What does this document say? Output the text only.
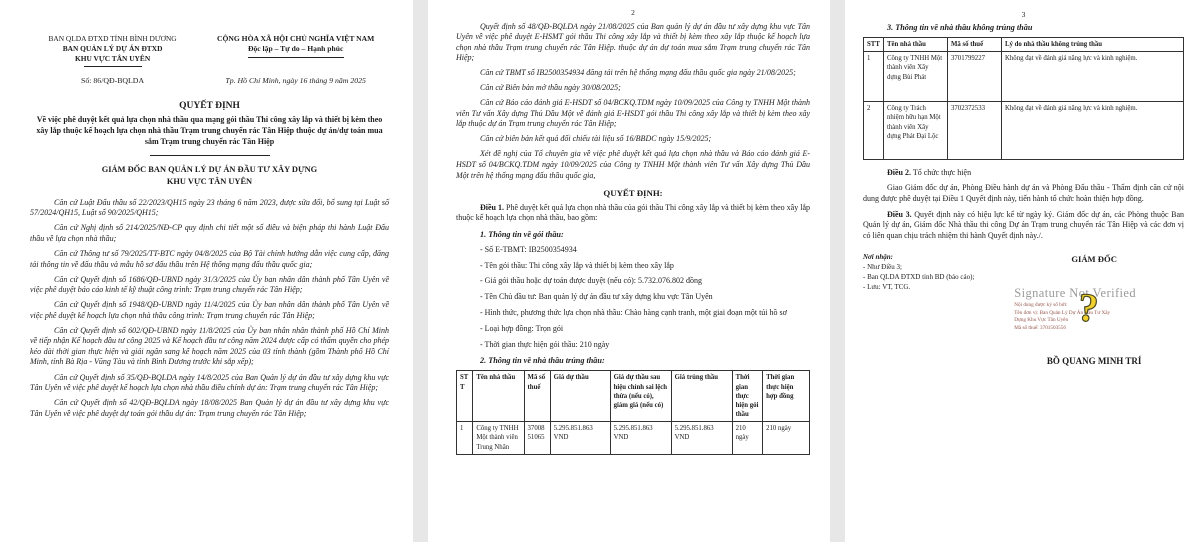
BAN QLDA ĐTXD TỈNH BÌNH DƯƠNG
BAN QUẢN LÝ DỰ ÁN ĐTXD
KHU VỰC TÂN UYÊN
CỘNG HÒA XÃ HỘI CHỦ NGHĨA VIỆT NAM
Độc lập – Tự do – Hạnh phúc
Số: 86/QĐ-BQLDA	Tp. Hồ Chí Minh, ngày 16 tháng 9 năm 2025
QUYẾT ĐỊNH
Về việc phê duyệt kết quả lựa chọn nhà thầu qua mạng gói thầu Thi công xây lắp và thiết bị kèm theo xây lắp thuộc kế hoạch lựa chọn nhà thầu Trạm trung chuyển rác Tân Hiệp thuộc dự án/dự toán mua sắm Trạm trung chuyển rác Tân Hiệp
GIÁM ĐỐC BAN QUẢN LÝ DỰ ÁN ĐẦU TƯ XÂY DỰNG KHU VỰC TÂN UYÊN

Căn cứ Luật Đấu thầu số 22/2023/QH15 ngày 23 tháng 6 năm 2023, được sửa đổi, bổ sung tại Luật số 57/2024/QH15, Luật số 90/2025/QH15;

Căn cứ Nghị định số 214/2025/NĐ-CP quy định chi tiết một số điều và biện pháp thi hành Luật Đấu thầu về lựa chọn nhà thầu;

Căn cứ Thông tư số 79/2025/TT-BTC ngày 04/8/2025 của Bộ Tài chính hướng dẫn việc cung cấp, đăng tải thông tin về đấu thầu và mẫu hồ sơ đấu thầu trên Hệ thống mạng đấu thầu quốc gia;

Căn cứ Quyết định số 1686/QĐ-UBND ngày 31/3/2025 của Ủy ban nhân dân thành phố Tân Uyên về việc phê duyệt báo cáo kinh tế kỹ thuật công trình: Trạm trung chuyển rác Tân Hiệp;

Căn cứ Quyết định số 1948/QĐ-UBND ngày 11/4/2025 của Ủy ban nhân dân thành phố Tân Uyên về việc phê duyệt kế hoạch lựa chọn nhà thầu công trình: Trạm trung chuyển rác Tân Hiệp;

Căn cứ Quyết định số 602/QĐ-UBND ngày 11/8/2025 của Ủy ban nhân nhân thành phố Hồ Chí Minh về tiếp nhận Kế hoạch đầu tư công 2025 và Kế hoạch đầu tư công năm 2024 được cấp có thẩm quyền cho phép kéo dài thời gian thực hiện và giải ngân sang kế hoạch năm 2025 của 03 tỉnh thành (gồm Thành phố Hồ Chí Minh, tỉnh Bà Rịa - Vũng Tàu và tỉnh Bình Dương trước khi sắp xếp);

Căn cứ Quyết định số 35/QĐ-BQLDA ngày 14/8/2025 của Ban Quản lý dự án đầu tư xây dựng khu vực Tân Uyên về việc phê duyệt kế hoạch lựa chọn nhà thầu điều chỉnh dự án: Trạm trung chuyển rác Tân Hiệp;

Căn cứ Quyết định số 42/QĐ-BQLDA ngày 18/08/2025 Ban Quản lý dự án đầu tư xây dựng khu vực Tân Uyên về việc phê duyệt dự toán gói thầu dự án: Trạm trung chuyển rác Tân Hiệp;

2

Quyết định số 48/QĐ-BQLDA ngày 21/08/2025 của Ban quản lý dự án đầu tư xây dựng khu vực Tân Uyên về việc phê duyệt E-HSMT gói thầu Thi công xây lắp và thiết bị kèm theo xây lắp thuộc kế hoạch lựa chọn nhà thầu Trạm trung chuyển rác Tân Hiệp. thuộc dự án dự toán mua sắm Trạm trung chuyển rác Tân Hiệp;

Căn cứ TBMT số IB2500354934 đăng tải trên hệ thống mạng đấu thầu quốc gia ngày 21/08/2025;

Căn cứ Biên bản mở thầu ngày 30/08/2025;

Căn cứ Báo cáo đánh giá E-HSDT số 04/BCKQ.TDM ngày 10/09/2025 của Công ty TNHH Một thành viên Tư vấn Xây dựng Thủ Dầu Một về đánh giá E-HSDT gói thầu Thi công xây lắp và thiết bị kèm theo xây lắp thuộc dự án Trạm trung chuyển rác Tân Hiệp;

Căn cứ biên bản kết quả đối chiếu tài liệu số 16/BBDC ngày 15/9/2025;

Xét đề nghị của Tổ chuyên gia về việc phê duyệt kết quả lựa chọn nhà thầu và Báo cáo đánh giá E-HSDT số 04/BCKQ.TDM ngày 10/09/2025 của Công ty TNHH Một thành viên Tư vấn Xây dựng Thủ Dầu Một trên hệ thống mạng đấu thầu quốc gia,

QUYẾT ĐỊNH:

Điều 1. Phê duyệt kết quả lựa chọn nhà thầu của gói thầu Thi công xây lắp và thiết bị kèm theo xây lắp thuộc kế hoạch lựa chọn nhà thầu, bao gồm:

1. Thông tin về gói thầu:

- Số E-TBMT: IB2500354934

- Tên gói thầu: Thi công xây lắp và thiết bị kèm theo xây lắp

- Giá gói thầu hoặc dự toán được duyệt (nếu có): 5.732.076.802 đồng

- Tên Chủ đầu tư: Ban quản lý dự án đầu tư xây dựng khu vực Tân Uyên

- Hình thức, phương thức lựa chọn nhà thầu: Chào hàng cạnh tranh, một giai đoạn một túi hồ sơ

- Loại hợp đồng: Trọn gói

- Thời gian thực hiện gói thầu: 210 ngày

2. Thông tin về nhà thầu trúng thầu:
STT	Tên nhà thầu	Mã số thuế	Giá dự thầu	Giá dự thầu sau hiệu chỉnh sai lệch thừa (nếu có), giảm giá (nếu có)	Giá trúng thầu	Thời gian thực hiện gói thầu	Thời gian thực hiện hợp đồng
1	Công ty TNHH Một thành viên Trung Nhân	3700851065	5.295.851.863 VND	5.295.851.863 VND	5.295.851.863 VND	210 ngày	210 ngày
3
3. Thông tin về nhà thầu không trúng thầu
STT	Tên nhà thầu	Mã số thuế	Lý do nhà thầu không trúng thầu
1	Công ty TNHH Một thành viên Xây dựng Bùi Phát	3701799227	Không đạt về đánh giá năng lực và kinh nghiệm.
2	Công ty Trách nhiệm hữu hạn Một thành viên Xây dựng Phát Đại Lộc	3702372533	Không đạt về đánh giá năng lực và kinh nghiệm.

Điều 2. Tổ chức thực hiện

Giao Giám đốc dự án, Phòng Điều hành dự án và Phòng Đấu thầu - Thẩm định căn cứ nội dung được phê duyệt tại Điều 1 Quyết định này, tiến hành tổ chức hoàn thiện hợp đồng.

Điều 3. Quyết định này có hiệu lực kể từ ngày ký. Giám đốc dự án, các Phòng thuộc Ban Quản lý dự án, Giám đốc Nhà thầu thi công Dự án Trạm trung chuyển rác Tân Hiệp và các đơn vị có liên quan chịu trách nhiệm thi hành Quyết định này./.

Nơi nhận:
- Như Điều 3;
- Ban QLDA ĐTXD tỉnh BD (báo cáo);
- Lưu: VT, TCG.
GIÁM ĐỐC
Signature Not Verified
Nội dung được ký số bởi:
Tên đơn vị: Ban Quản Lý Dự Án Đầu Tư Xây
Dựng Khu Vực Tân Uyên
Mã số thuế: 3701503556 ?
BỒ QUANG MINH TRÍ
